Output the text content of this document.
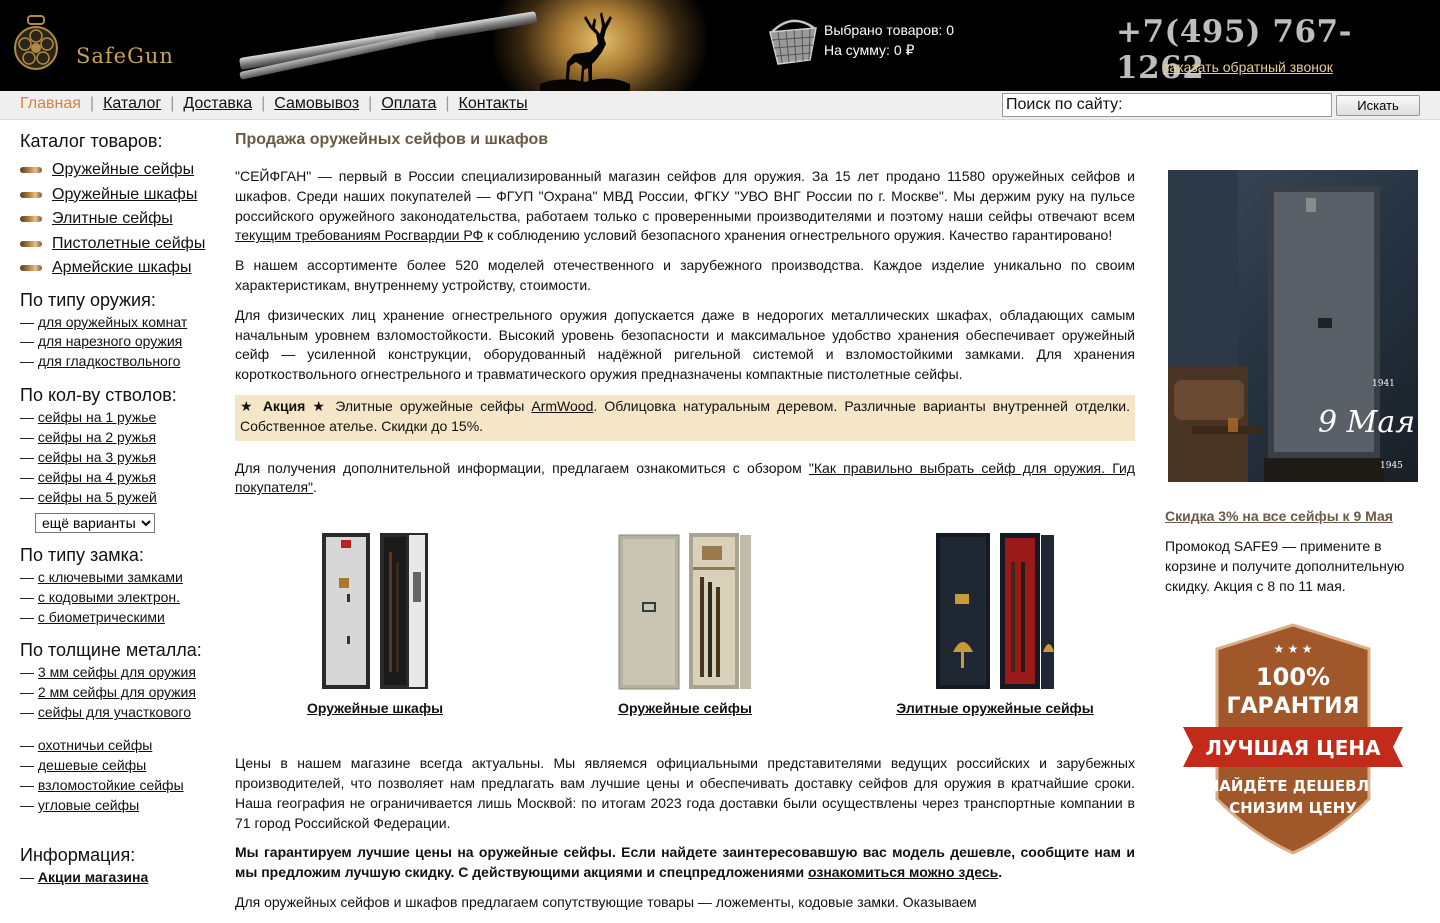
SafeGun
Выбрано товаров: 0
На сумму: 0 ₽	+7(495) 767-1262
заказать обратный звонок
Главная | Каталог | Доставка | Самовывоз | Оплата | Контакты
Поиск по сайту:	Искать
Каталог товаров:
Оружейные сейфы
Оружейные шкафы
Элитные сейфы
Пистолетные сейфы
Армейские шкафы
По типу оружия:
— для оружейных комнат
— для нарезного оружия
— для гладкоствольного
По кол-ву стволов:
— сейфы на 1 ружье
— сейфы на 2 ружья
— сейфы на 3 ружья
— сейфы на 4 ружья
— сейфы на 5 ружей
ещё варианты
По типу замка:
— с ключевыми замками
— с кодовыми электрон.
— с биометрическими
По толщине металла:
— 3 мм сейфы для оружия
— 2 мм сейфы для оружия
— сейфы для участкового
— охотничьи сейфы
— дешевые сейфы
— взломостойкие сейфы
— угловые сейфы
Информация:
— Акции магазина
Продажа оружейных сейфов и шкафов

"СЕЙФГАН" — первый в России специализированный магазин сейфов для оружия. За 15 лет продано 11580 оружейных сейфов и шкафов. Среди наших покупателей — ФГУП "Охрана" МВД России, ФГКУ "УВО ВНГ России по г. Москве". Мы держим руку на пульсе российского оружейного законодательства, работаем только с проверенными производителями и поэтому наши сейфы отвечают всем текущим требованиям Росгвардии РФ к соблюдению условий безопасного хранения огнестрельного оружия. Качество гарантировано!

В нашем ассортименте более 520 моделей отечественного и зарубежного производства. Каждое изделие уникально по своим характеристикам, внутреннему устройству, стоимости.

Для физических лиц хранение огнестрельного оружия допускается даже в недорогих металлических шкафах, обладающих самым начальным уровнем взломостойкости. Высокий уровень безопасности и максимальное удобство хранения обеспечивает оружейный сейф — усиленной конструкции, оборудованный надёжной ригельной системой и взломостойкими замками. Для хранения короткоствольного огнестрельного и травматического оружия предназначены компактные пистолетные сейфы.

★ Акция ★ Элитные оружейные сейфы ArmWood. Облицовка натуральным деревом. Различные варианты внутренней отделки. Собственное ателье. Скидки до 15%.

Для получения дополнительной информации, предлагаем ознакомиться с обзором "Как правильно выбрать сейф для оружия. Гид покупателя".

Оружейные шкафы	Оружейные сейфы	Элитные оружейные сейфы

Цены в нашем магазине всегда актуальны. Мы являемся официальными представителями ведущих российских и зарубежных производителей, что позволяет нам предлагать вам лучшие цены и обеспечивать доставку сейфов для оружия в кратчайшие сроки. Наша география не ограничивается лишь Москвой: по итогам 2023 года доставки были осуществлены через транспортные компании в 71 город Российской Федерации.

Мы гарантируем лучшие цены на оружейные сейфы. Если найдете заинтересовавшую вас модель дешевле, сообщите нам и мы предложим лучшую скидку. С действующими акциями и спецпредложениями ознакомиться можно здесь.

Для оружейных сейфов и шкафов предлагаем сопутствующие товары — ложементы, кодовые замки. Оказываем

1941
9 Мая
1945
Скидка 3% на все сейфы к 9 Мая
Промокод SAFE9 — примените в корзине и получите дополнительную скидку. Акция с 8 по 11 мая.
★ ★ ★
100%
ГАРАНТИЯ
ЛУЧШАЯ ЦЕНА
НАЙДЁТЕ ДЕШЕВЛЕ
СНИЗИМ ЦЕНУ
